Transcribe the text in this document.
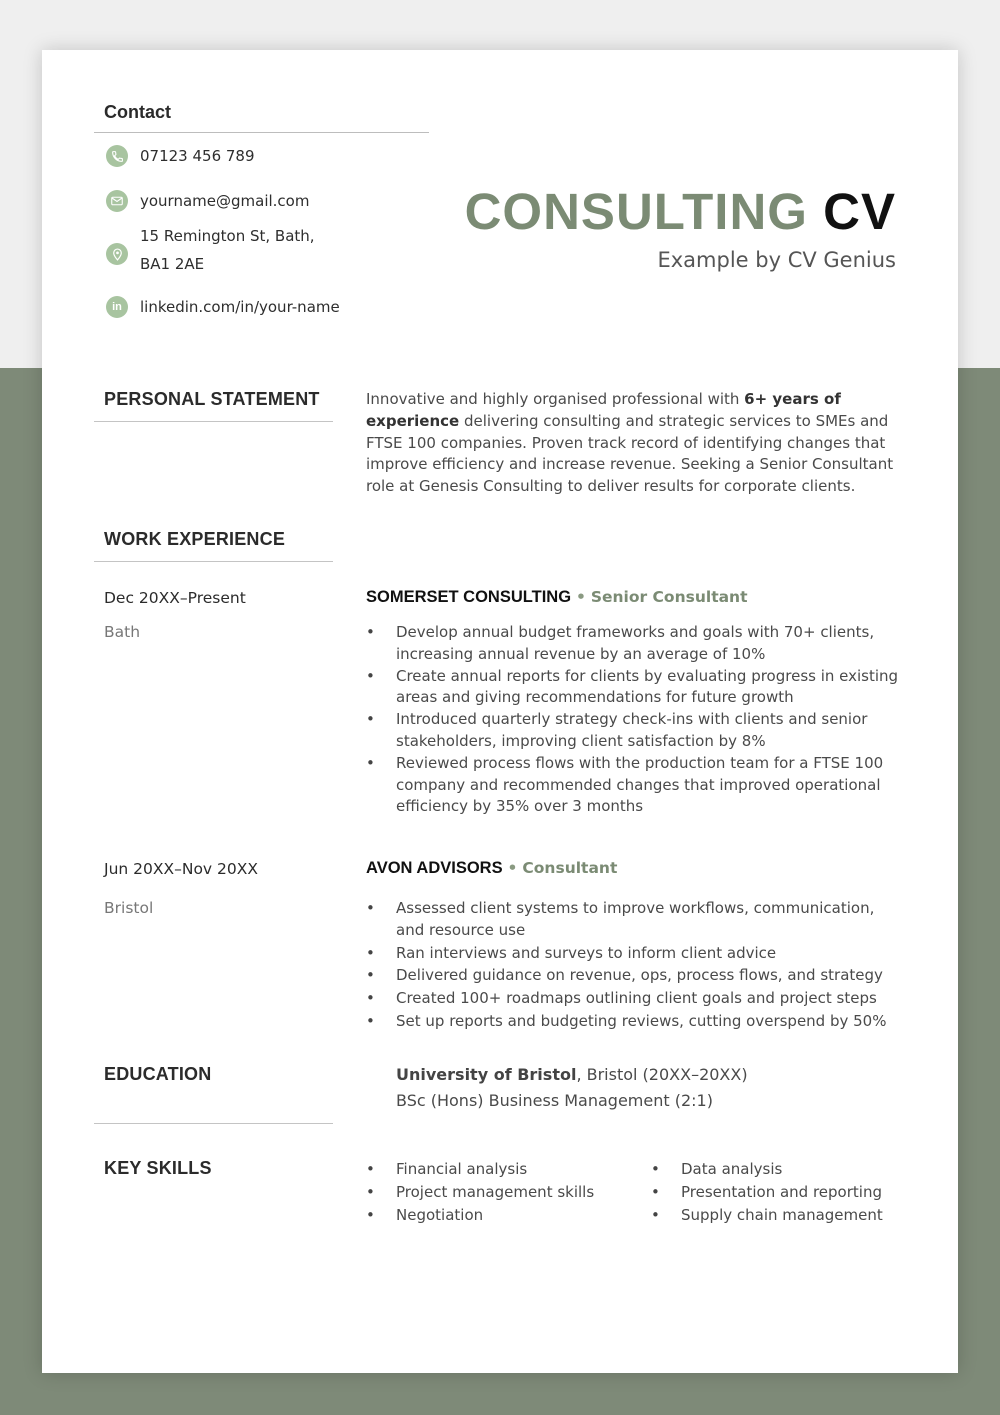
Contact
07123 456 789
yourname@gmail.com
15 Remington St, Bath,
BA1 2AE
in linkedin.com/in/your-name
CONSULTING CV
Example by CV Genius
PERSONAL STATEMENT	Innovative and highly organised professional with 6+ years of experience delivering consulting and strategic services to SMEs and FTSE 100 companies. Proven track record of identifying changes that improve efficiency and increase revenue. Seeking a Senior Consultant role at Genesis Consulting to deliver results for corporate clients.
WORK EXPERIENCE
Dec 20XX–Present
Bath
SOMERSET CONSULTING • Senior Consultant
• Develop annual budget frameworks and goals with 70+ clients, increasing annual revenue by an average of 10%
• Create annual reports for clients by evaluating progress in existing areas and giving recommendations for future growth
• Introduced quarterly strategy check-ins with clients and senior stakeholders, improving client satisfaction by 8%
• Reviewed process flows with the production team for a FTSE 100 company and recommended changes that improved operational efficiency by 35% over 3 months
Jun 20XX–Nov 20XX
Bristol
AVON ADVISORS • Consultant
• Assessed client systems to improve workflows, communication, and resource use
• Ran interviews and surveys to inform client advice
• Delivered guidance on revenue, ops, process flows, and strategy
• Created 100+ roadmaps outlining client goals and project steps
• Set up reports and budgeting reviews, cutting overspend by 50%
EDUCATION	University of Bristol, Bristol (20XX–20XX)
BSc (Hons) Business Management (2:1)
KEY SKILLS
•	Financial analysis
• Project management skills
• Negotiation
• Data analysis
• Presentation and reporting
• Supply chain management
